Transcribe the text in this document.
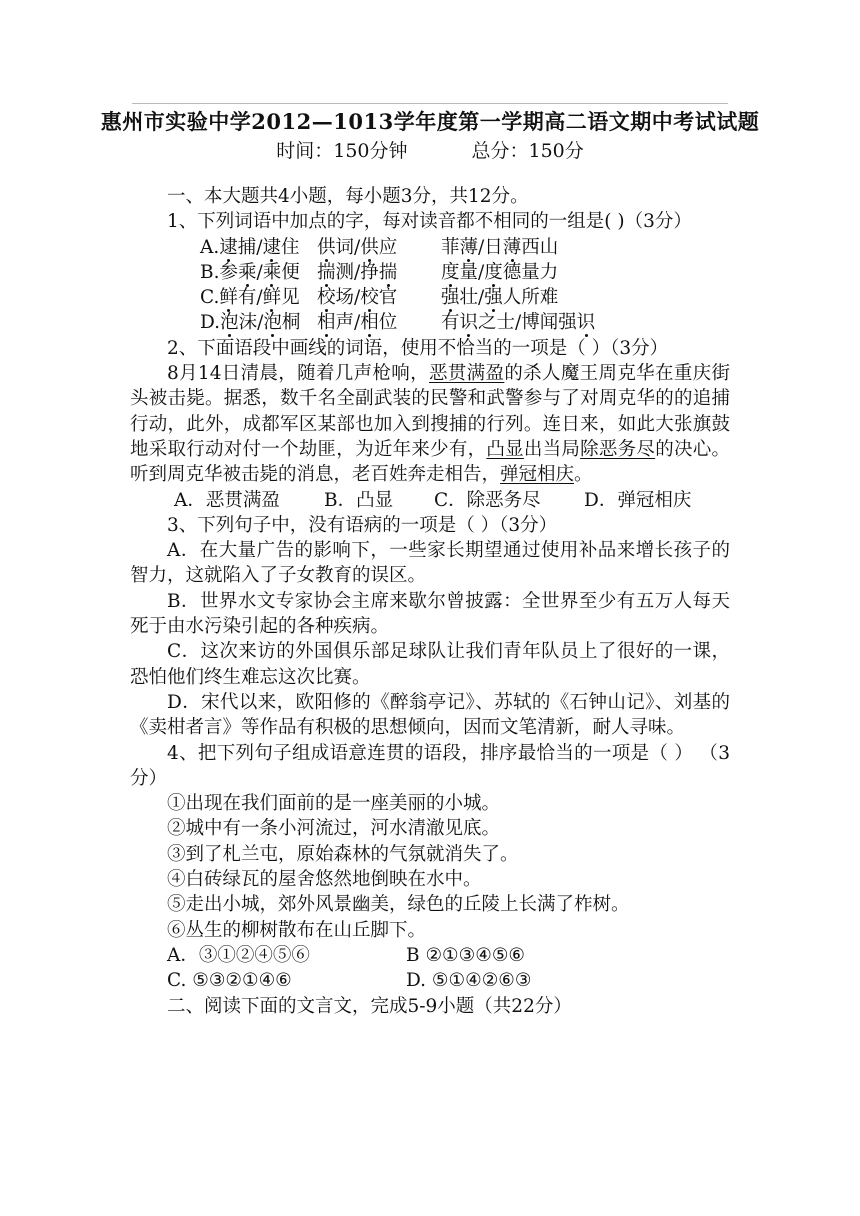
惠州市实验中学2012—1013学年度第一学期高二语文期中考试试题
时间：150分钟	总分：150分

一、本大题共4小题，每小题3分，共12分。

1、下列词语中加点的字，每对读音都不相同的一组是( )（3分）

A.逮捕/逮住 供词/供应	菲薄/日薄西山
B.参乘/乘便 揣测/挣揣	度量/度德量力
C.鲜有/鲜见 校场/校官	强壮/强人所难
D.泡沫/泡桐 相声/相位	有识之士/博闻强识

2、下面语段中画线的词语，使用不恰当的一项是（ ）（3分）

8月14日清晨，随着几声枪响，恶贯满盈的杀人魔王周克华在重庆街头被击毙。据悉，数千名全副武装的民警和武警参与了对周克华的的追捕行动，此外，成都军区某部也加入到搜捕的行列。连日来，如此大张旗鼓地采取行动对付一个劫匪，为近年来少有，凸显出当局除恶务尽的决心。听到周克华被击毙的消息，老百姓奔走相告，弹冠相庆。

A．恶贯满盈	B．凸显	C．除恶务尽	D．弹冠相庆

3、下列句子中，没有语病的一项是（ ）（3分）

A．在大量广告的影响下，一些家长期望通过使用补品来增长孩子的智力，这就陷入了子女教育的误区。

B．世界水文专家协会主席来歇尔曾披露：全世界至少有五万人每天死于由水污染引起的各种疾病。

C．这次来访的外国俱乐部足球队让我们青年队员上了很好的一课，恐怕他们终生难忘这次比赛。

D．宋代以来，欧阳修的《醉翁亭记》、苏轼的《石钟山记》、刘基的《卖柑者言》等作品有积极的思想倾向，因而文笔清新，耐人寻味。

4、把下列句子组成语意连贯的语段，排序最恰当的一项是（ ） （3分）

①出现在我们面前的是一座美丽的小城。

②城中有一条小河流过，河水清澈见底。

③到了札兰屯，原始森林的气氛就消失了。

④白砖绿瓦的屋舍悠然地倒映在水中。

⑤走出小城，郊外风景幽美，绿色的丘陵上长满了柞树。

⑥丛生的柳树散布在山丘脚下。

A．③①②④⑤⑥	B ②①③④⑤⑥
C. ⑤③②①④⑥	D. ⑤①④②⑥③

二、阅读下面的文言文，完成5-9小题（共22分）
